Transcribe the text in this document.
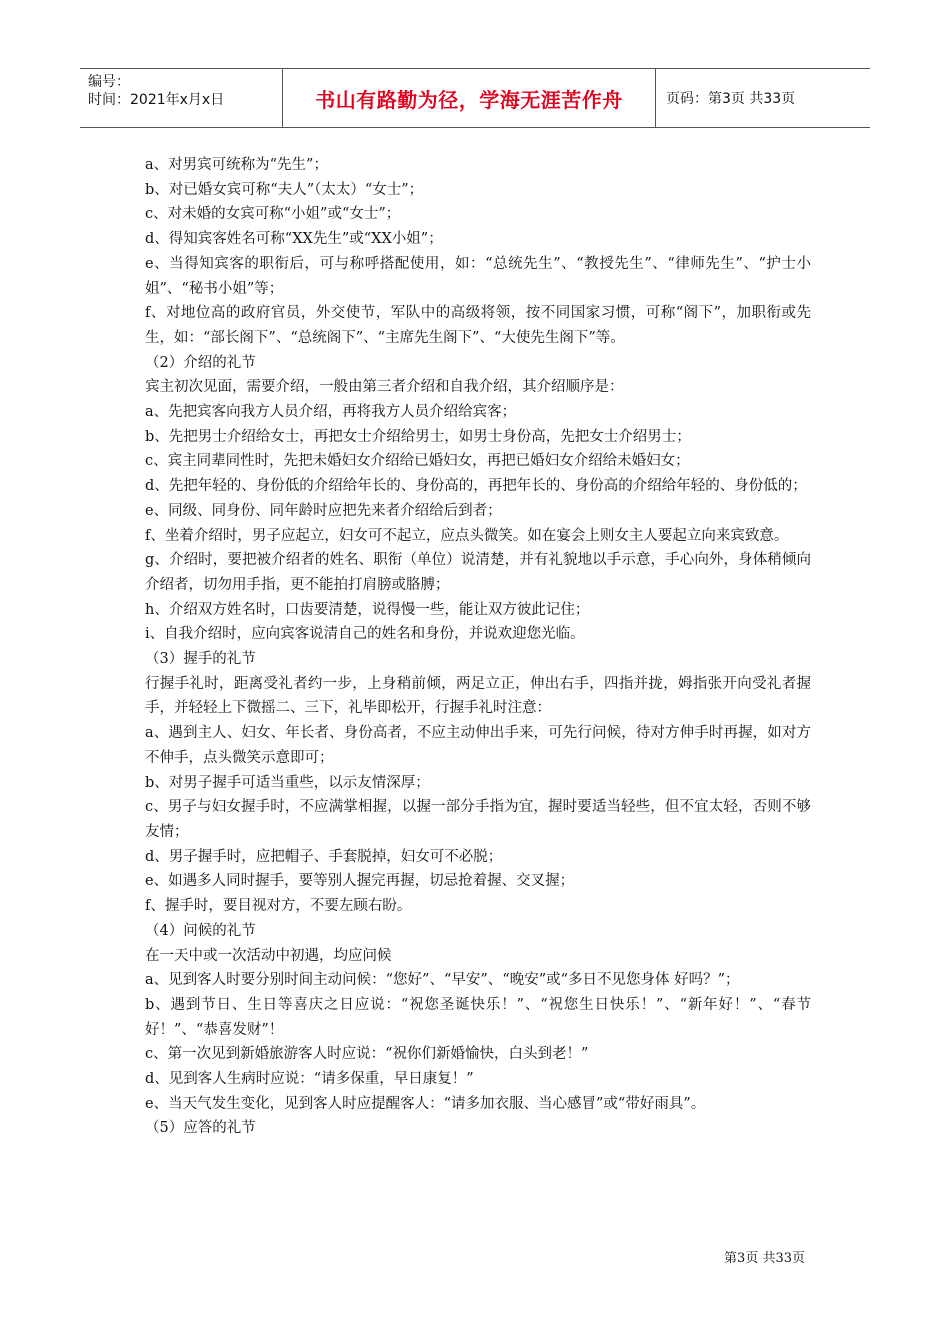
编号：
时间：2021年x月x日	书山有路勤为径，学海无涯苦作舟	页码：第3页 共33页

a、对男宾可统称为“先生”；

b、对已婚女宾可称“夫人”（太太）“女士”；

c、对未婚的女宾可称“小姐”或“女士”；

d、得知宾客姓名可称“XX先生”或“XX小姐”；

e、当得知宾客的职衔后，可与称呼搭配使用，如：“总统先生”、“教授先生”、“律师先生”、“护士小姐”、“秘书小姐”等；

f、对地位高的政府官员，外交使节，军队中的高级将领，按不同国家习惯，可称“阁下”，加职衔或先生，如：“部长阁下”、“总统阁下”、“主席先生阁下”、“大使先生阁下”等。

（2）介绍的礼节

宾主初次见面，需要介绍，一般由第三者介绍和自我介绍，其介绍顺序是：

a、先把宾客向我方人员介绍，再将我方人员介绍给宾客；

b、先把男士介绍给女士，再把女士介绍给男士，如男士身份高，先把女士介绍男士；

c、宾主同辈同性时，先把未婚妇女介绍给已婚妇女，再把已婚妇女介绍给未婚妇女；

d、先把年轻的、身份低的介绍给年长的、身份高的，再把年长的、身份高的介绍给年轻的、身份低的；

e、同级、同身份、同年龄时应把先来者介绍给后到者；

f、坐着介绍时，男子应起立，妇女可不起立，应点头微笑。如在宴会上则女主人要起立向来宾致意。

g、介绍时，要把被介绍者的姓名、职衔（单位）说清楚，并有礼貌地以手示意，手心向外，身体稍倾向介绍者，切勿用手指，更不能拍打肩膀或胳膊；

h、介绍双方姓名时，口齿要清楚，说得慢一些，能让双方彼此记住；

i、自我介绍时，应向宾客说清自己的姓名和身份，并说欢迎您光临。

（3）握手的礼节

行握手礼时，距离受礼者约一步，上身稍前倾，两足立正，伸出右手，四指并拢，姆指张开向受礼者握手，并轻轻上下微摇二、三下，礼毕即松开，行握手礼时注意：

a、遇到主人、妇女、年长者、身份高者，不应主动伸出手来，可先行问候，待对方伸手时再握，如对方不伸手，点头微笑示意即可；

b、对男子握手可适当重些，以示友情深厚；

c、男子与妇女握手时，不应满掌相握，以握一部分手指为宜，握时要适当轻些，但不宜太轻，否则不够友情；

d、男子握手时，应把帽子、手套脱掉，妇女可不必脱；

e、如遇多人同时握手，要等别人握完再握，切忌抢着握、交叉握；

f、握手时，要目视对方，不要左顾右盼。

（4）问候的礼节

在一天中或一次活动中初遇，均应问候

a、见到客人时要分别时间主动问候：“您好”、“早安”、“晚安”或“多日不见您身体 好吗？”；

b、遇到节日、生日等喜庆之日应说：“祝您圣诞快乐！”、“祝您生日快乐！”、“新年好！”、“春节好！”、“恭喜发财”！

c、第一次见到新婚旅游客人时应说：“祝你们新婚愉快，白头到老！”

d、见到客人生病时应说：“请多保重，早日康复！”

e、当天气发生变化，见到客人时应提醒客人：“请多加衣服、当心感冒”或“带好雨具”。

（5）应答的礼节

第3页 共33页
